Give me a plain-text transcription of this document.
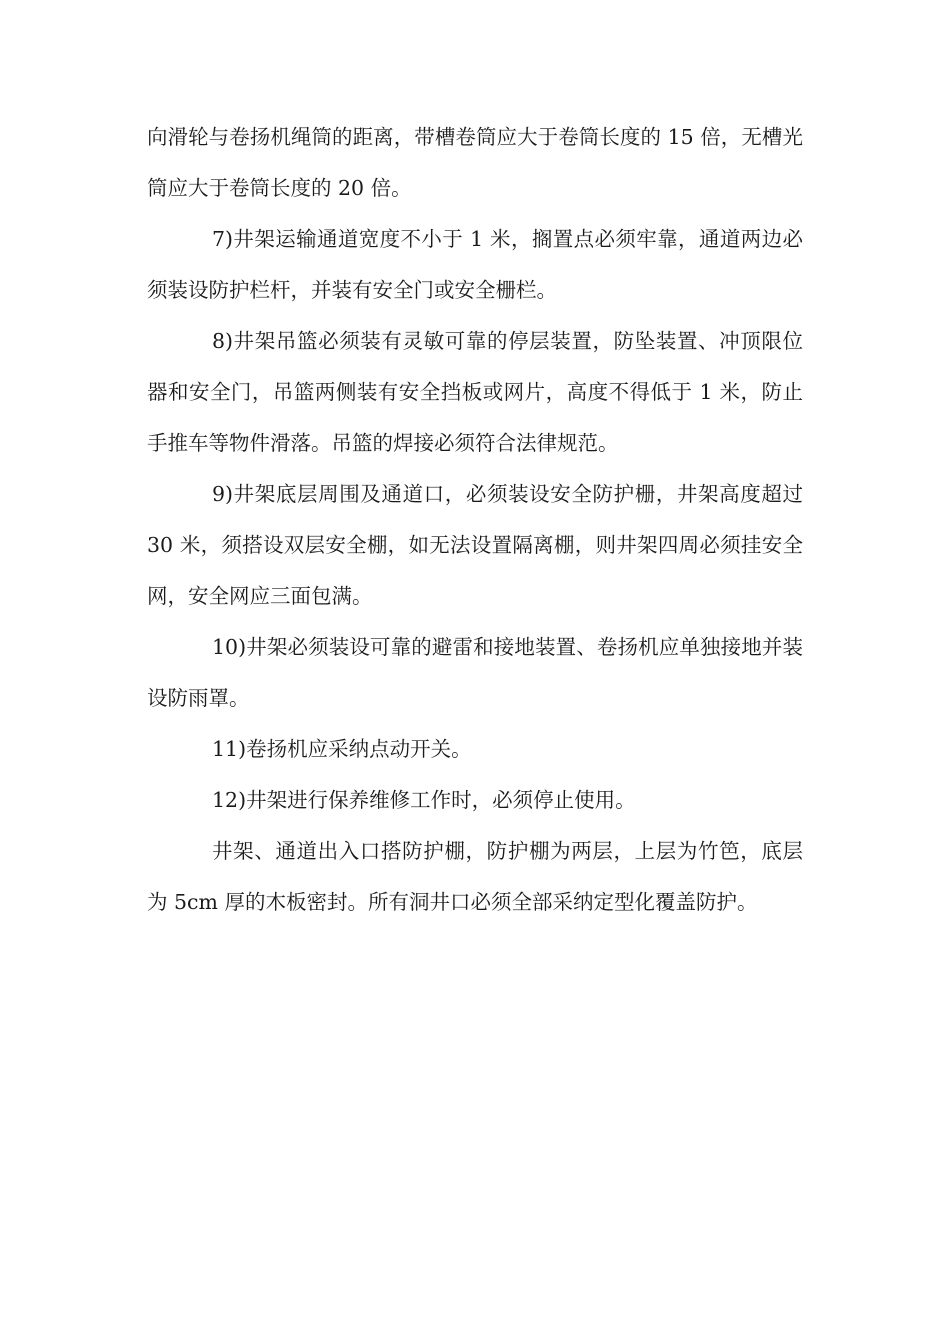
向滑轮与卷扬机绳筒的距离，带槽卷筒应大于卷筒长度的 15 倍，无槽光筒应大于卷筒长度的 20 倍。

7)井架运输通道宽度不小于 1 米，搁置点必须牢靠，通道两边必须装设防护栏杆，并装有安全门或安全栅栏。

8)井架吊篮必须装有灵敏可靠的停层装置，防坠装置、冲顶限位器和安全门，吊篮两侧装有安全挡板或网片，高度不得低于 1 米，防止手推车等物件滑落。吊篮的焊接必须符合法律规范。

9)井架底层周围及通道口，必须装设安全防护栅，井架高度超过 30 米，须搭设双层安全棚，如无法设置隔离棚，则井架四周必须挂安全网，安全网应三面包满。

10)井架必须装设可靠的避雷和接地装置、卷扬机应单独接地并装设防雨罩。

11)卷扬机应采纳点动开关。

12)井架进行保养维修工作时，必须停止使用。

井架、通道出入口搭防护棚，防护棚为两层，上层为竹笆，底层为 5cm 厚的木板密封。所有洞井口必须全部采纳定型化覆盖防护。
